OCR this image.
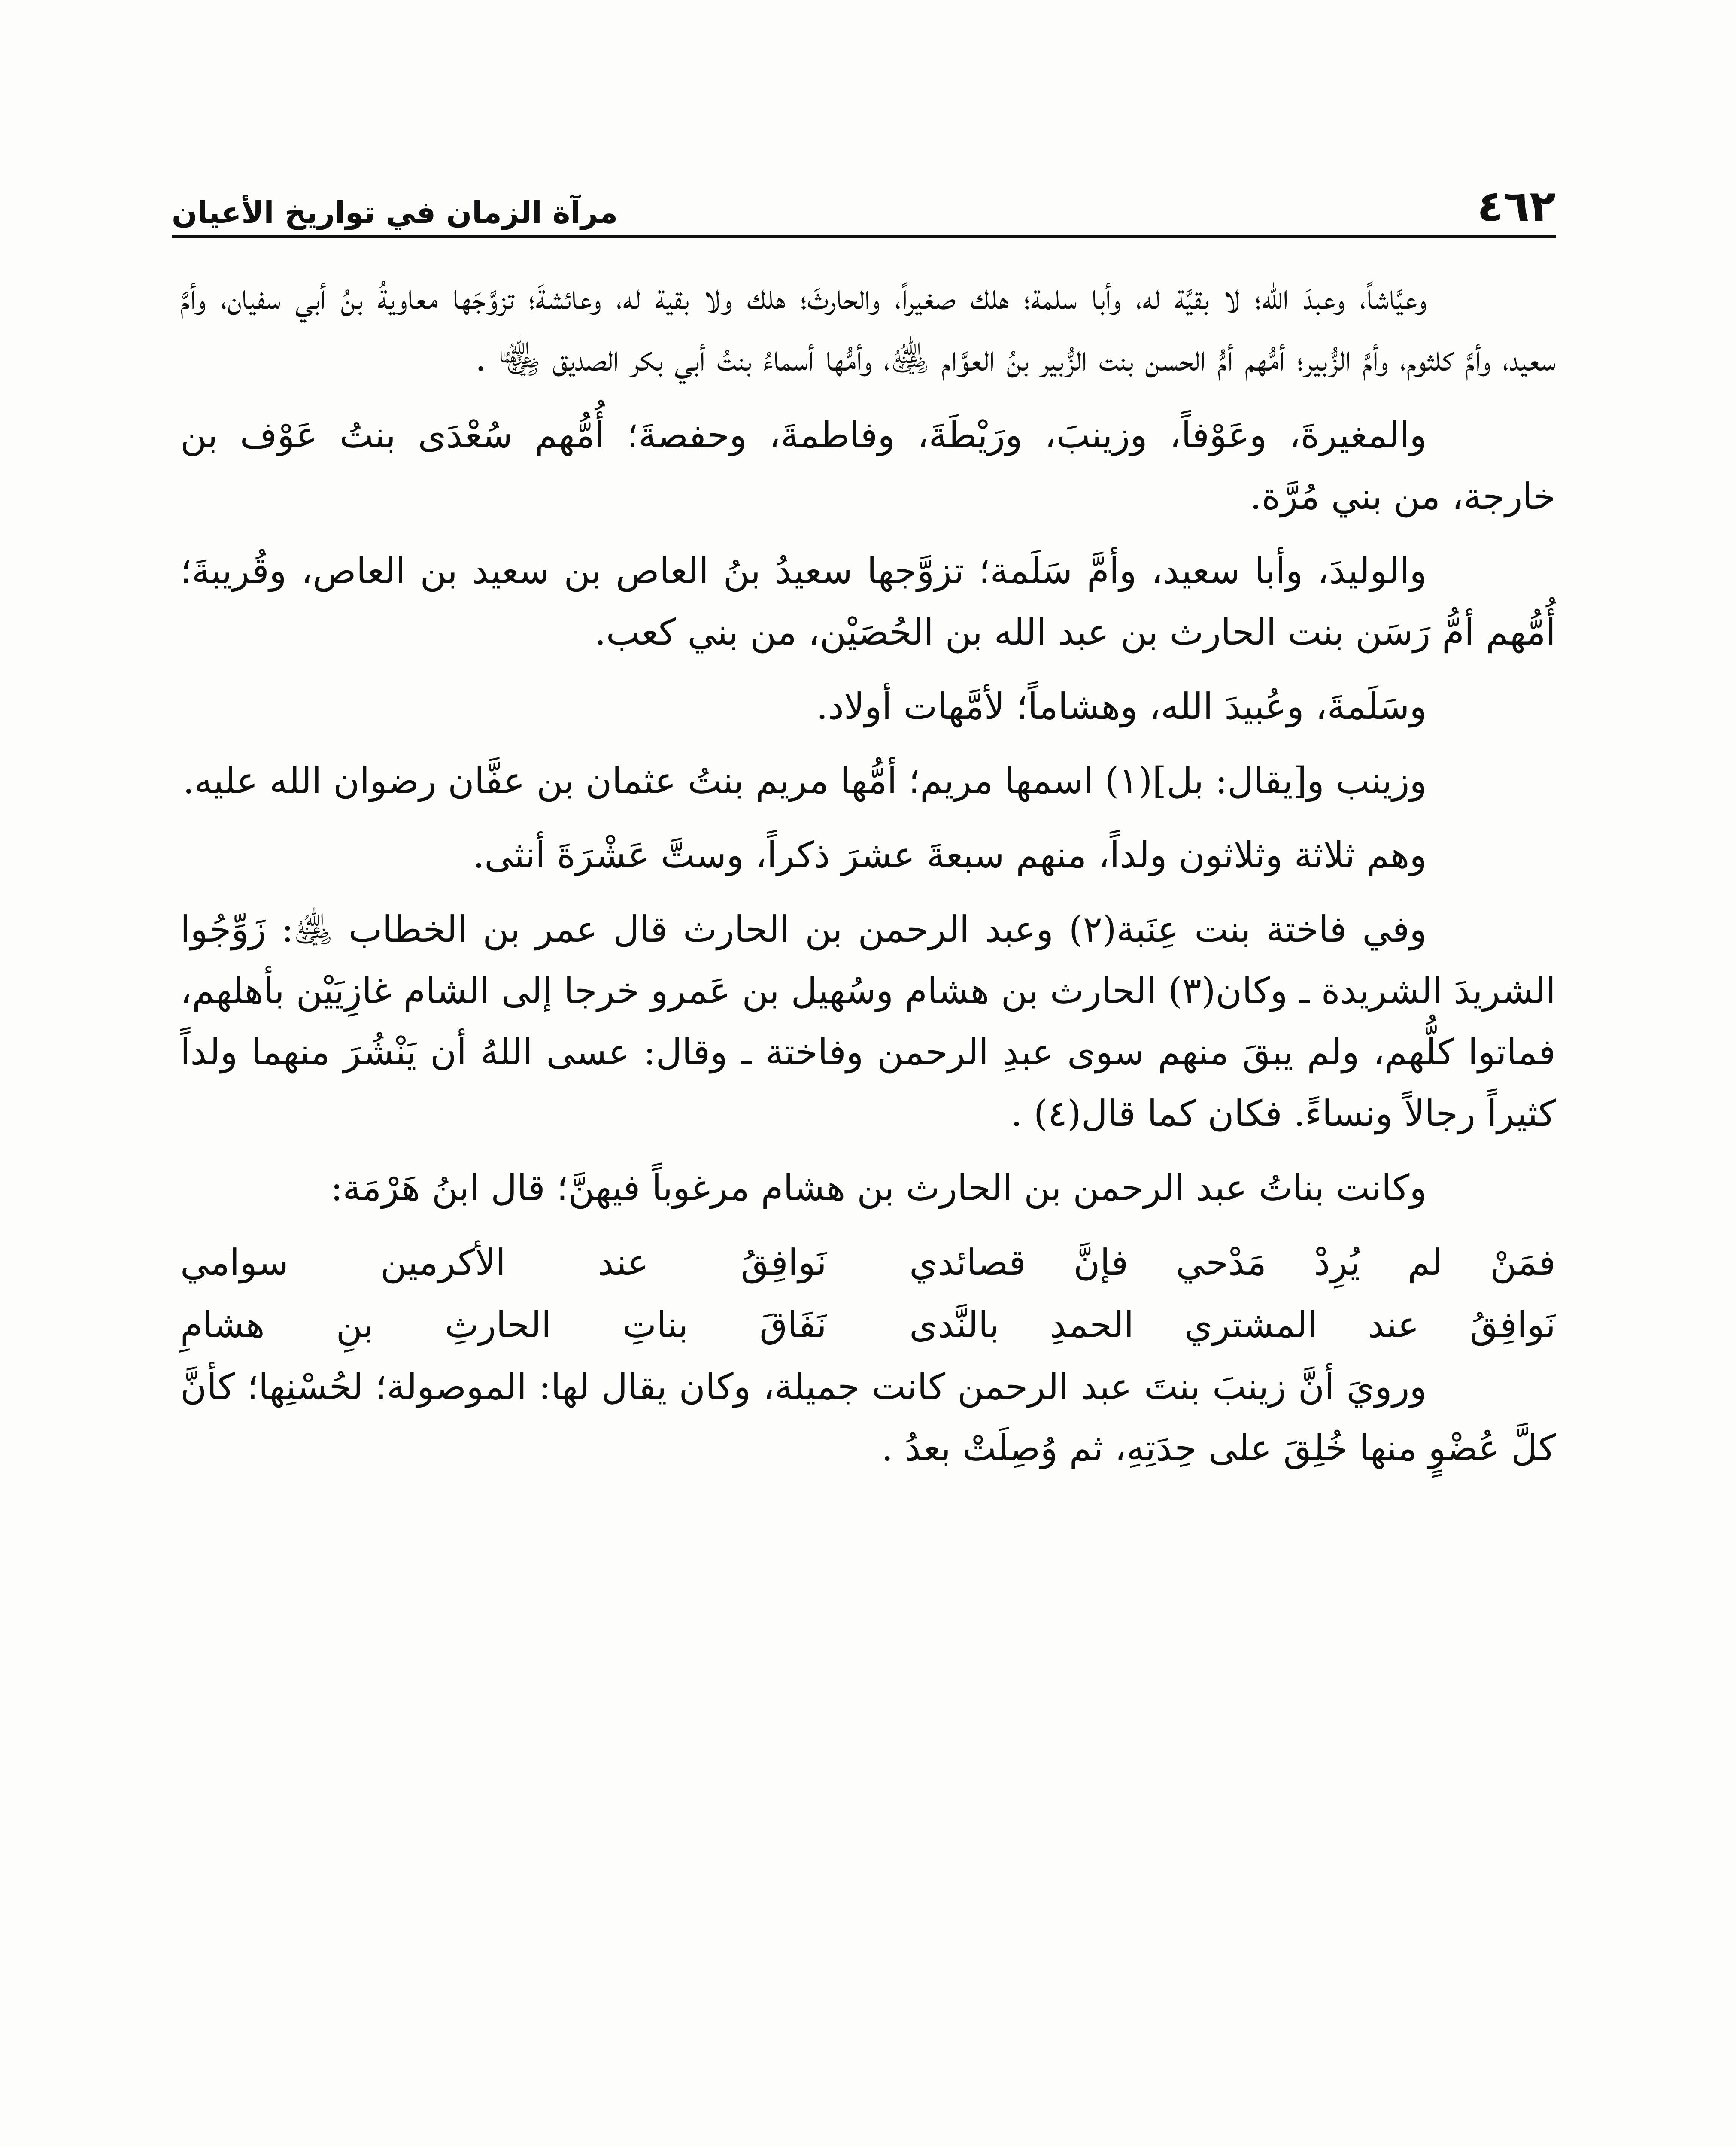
٤٦٢
مرآة الزمان في تواريخ الأعيان

وعيَّاشاً، وعبدَ الله؛ لا بقيَّة له، وأبا سلمة؛ هلك صغيراً، والحارثَ؛ هلك ولا بقية له، وعائشةَ؛ تزوَّجَها معاويةُ بنُ أبي سفيان، وأمَّ سعيد، وأمَّ كلثوم، وأمَّ الزُّبير؛ أمُّهم أمُّ الحسن بنت الزُّبير بنُ العوَّام ﵁، وأمُّها أسماءُ بنتُ أبي بكر الصديق ﵄ .

والمغيرةَ، وعَوْفاً، وزينبَ، ورَيْطَةَ، وفاطمةَ، وحفصةَ؛ أُمُّهم سُعْدَى بنتُ عَوْف بن خارجة، من بني مُرَّة.

والوليدَ، وأبا سعيد، وأمَّ سَلَمة؛ تزوَّجها سعيدُ بنُ العاص بن سعيد بن العاص، وقُريبةَ؛ أُمُّهم أمُّ رَسَن بنت الحارث بن عبد الله بن الحُصَيْن، من بني كعب.

وسَلَمةَ، وعُبيدَ الله، وهشاماً؛ لأمَّهات أولاد.

وزينب و[يقال: بل](١) اسمها مريم؛ أمُّها مريم بنتُ عثمان بن عفَّان رضوان الله عليه.

وهم ثلاثة وثلاثون ولداً، منهم سبعةَ عشرَ ذكراً، وستَّ عَشْرَةَ أنثى.

وفي فاختة بنت عِنَبة(٢) وعبد الرحمن بن الحارث قال عمر بن الخطاب ﵁: زَوِّجُوا الشريدَ الشريدة ـ وكان(٣) الحارث بن هشام وسُهيل بن عَمرو خرجا إلى الشام غازِيَيْن بأهلهم، فماتوا كلُّهم، ولم يبقَ منهم سوى عبدِ الرحمن وفاختة ـ وقال: عسى اللهُ أن يَنْشُرَ منهما ولداً كثيراً رجالاً ونساءً. فكان كما قال(٤) .

وكانت بناتُ عبد الرحمن بن الحارث بن هشام مرغوباً فيهنَّ؛ قال ابنُ هَرْمَة:

فمَنْ لم يُرِدْ مَدْحي فإنَّ قصائدي
نَوافِقُ عند الأكرمين سوامي
نَوافِقُ عند المشتري الحمدِ بالنَّدى
نَفَاقَ بناتِ الحارثِ بنِ هشامِ

ورويَ أنَّ زينبَ بنتَ عبد الرحمن كانت جميلة، وكان يقال لها: الموصولة؛ لحُسْنِها؛ كأنَّ كلَّ عُضْوٍ منها خُلِقَ على حِدَتِهِ، ثم وُصِلَتْ بعدُ .
